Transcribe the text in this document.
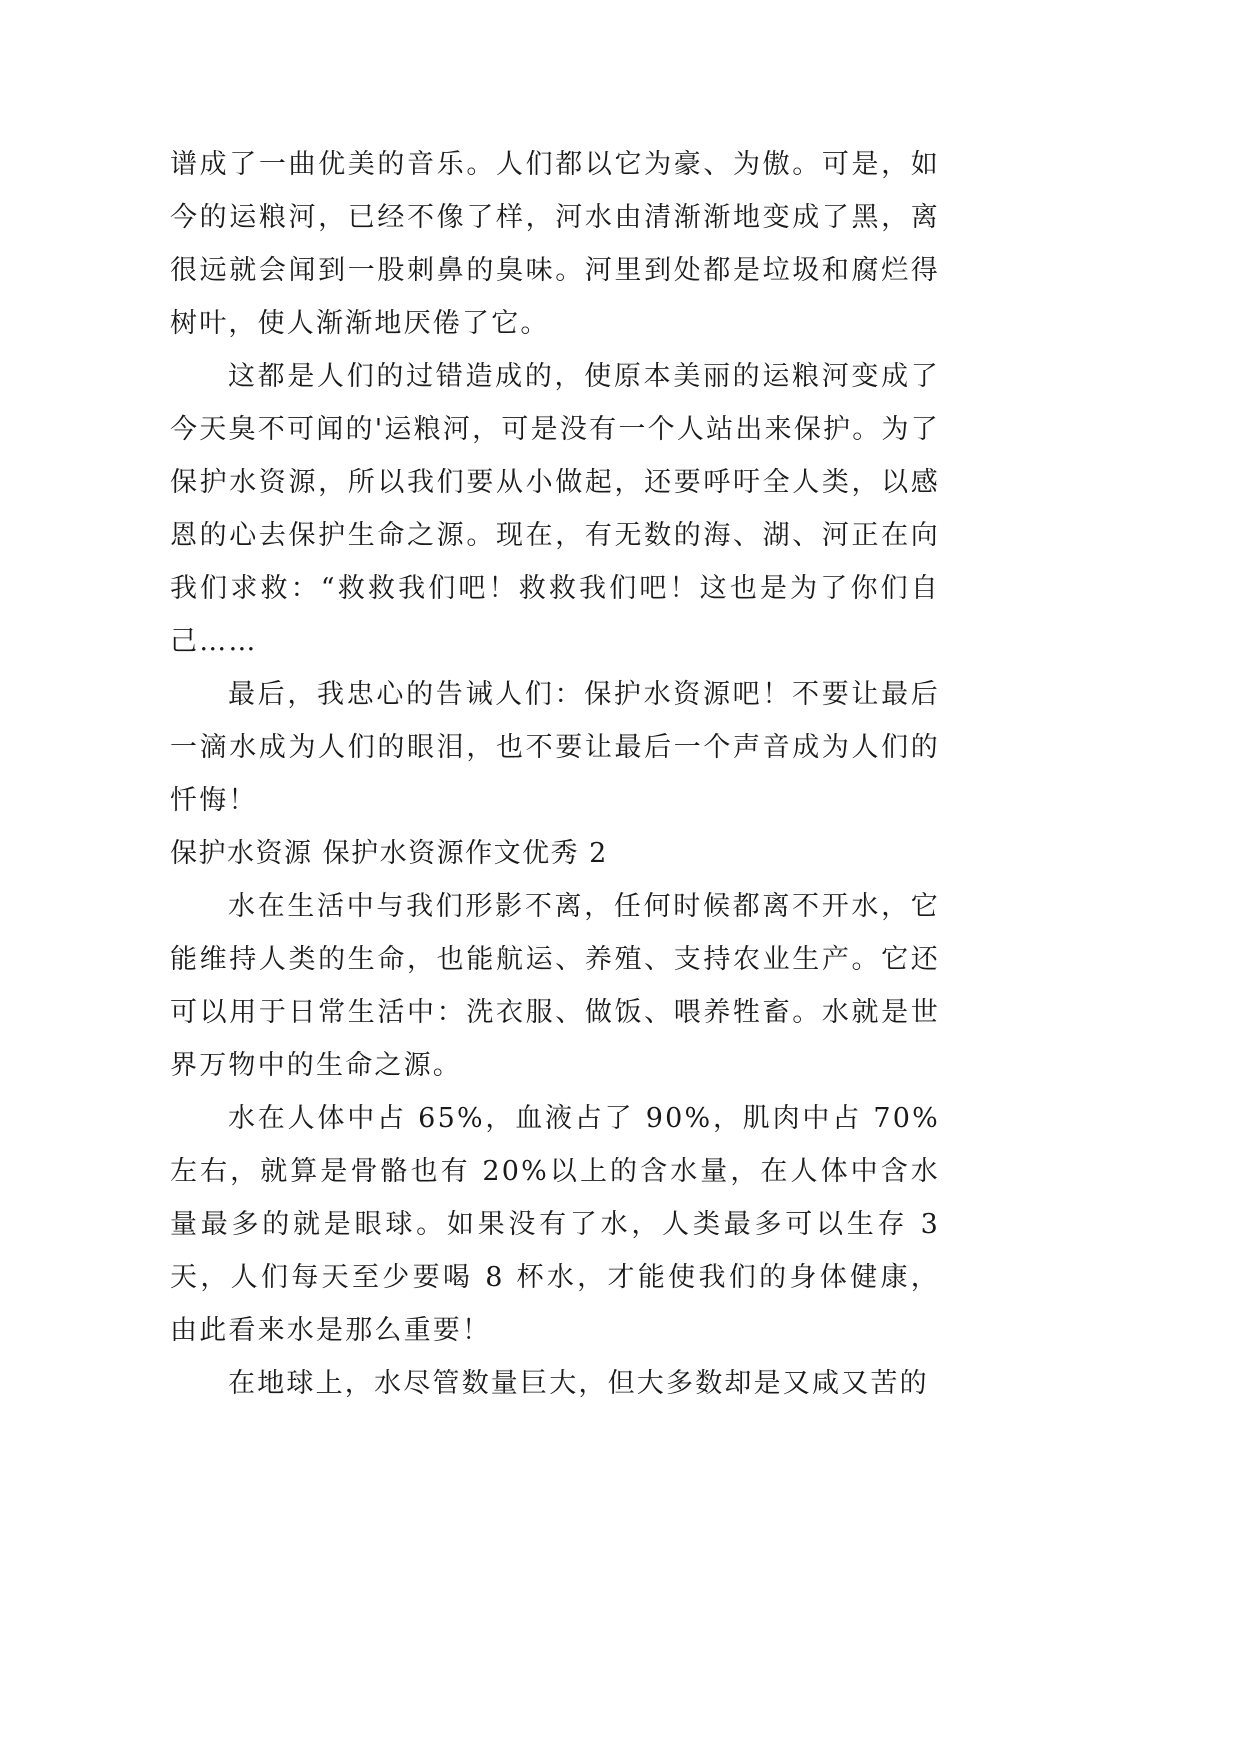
谱成了一曲优美的音乐。人们都以它为豪、为傲。可是，如今的运粮河，已经不像了样，河水由清渐渐地变成了黑，离很远就会闻到一股刺鼻的臭味。河里到处都是垃圾和腐烂得树叶，使人渐渐地厌倦了它。

这都是人们的过错造成的，使原本美丽的运粮河变成了今天臭不可闻的'运粮河，可是没有一个人站出来保护。为了保护水资源，所以我们要从小做起，还要呼吁全人类，以感恩的心去保护生命之源。现在，有无数的海、湖、河正在向我们求救：“救救我们吧！救救我们吧！这也是为了你们自己……

最后，我忠心的告诫人们：保护水资源吧！不要让最后一滴水成为人们的眼泪，也不要让最后一个声音成为人们的忏悔！

保护水资源 保护水资源作文优秀 2

水在生活中与我们形影不离，任何时候都离不开水，它能维持人类的生命，也能航运、养殖、支持农业生产。它还可以用于日常生活中：洗衣服、做饭、喂养牲畜。水就是世界万物中的生命之源。

水在人体中占 65%，血液占了 90%，肌肉中占 70%左右，就算是骨骼也有 20%以上的含水量，在人体中含水量最多的就是眼球。如果没有了水，人类最多可以生存 3 天，人们每天至少要喝 8 杯水，才能使我们的身体健康，由此看来水是那么重要！

在地球上，水尽管数量巨大，但大多数却是又咸又苦的
